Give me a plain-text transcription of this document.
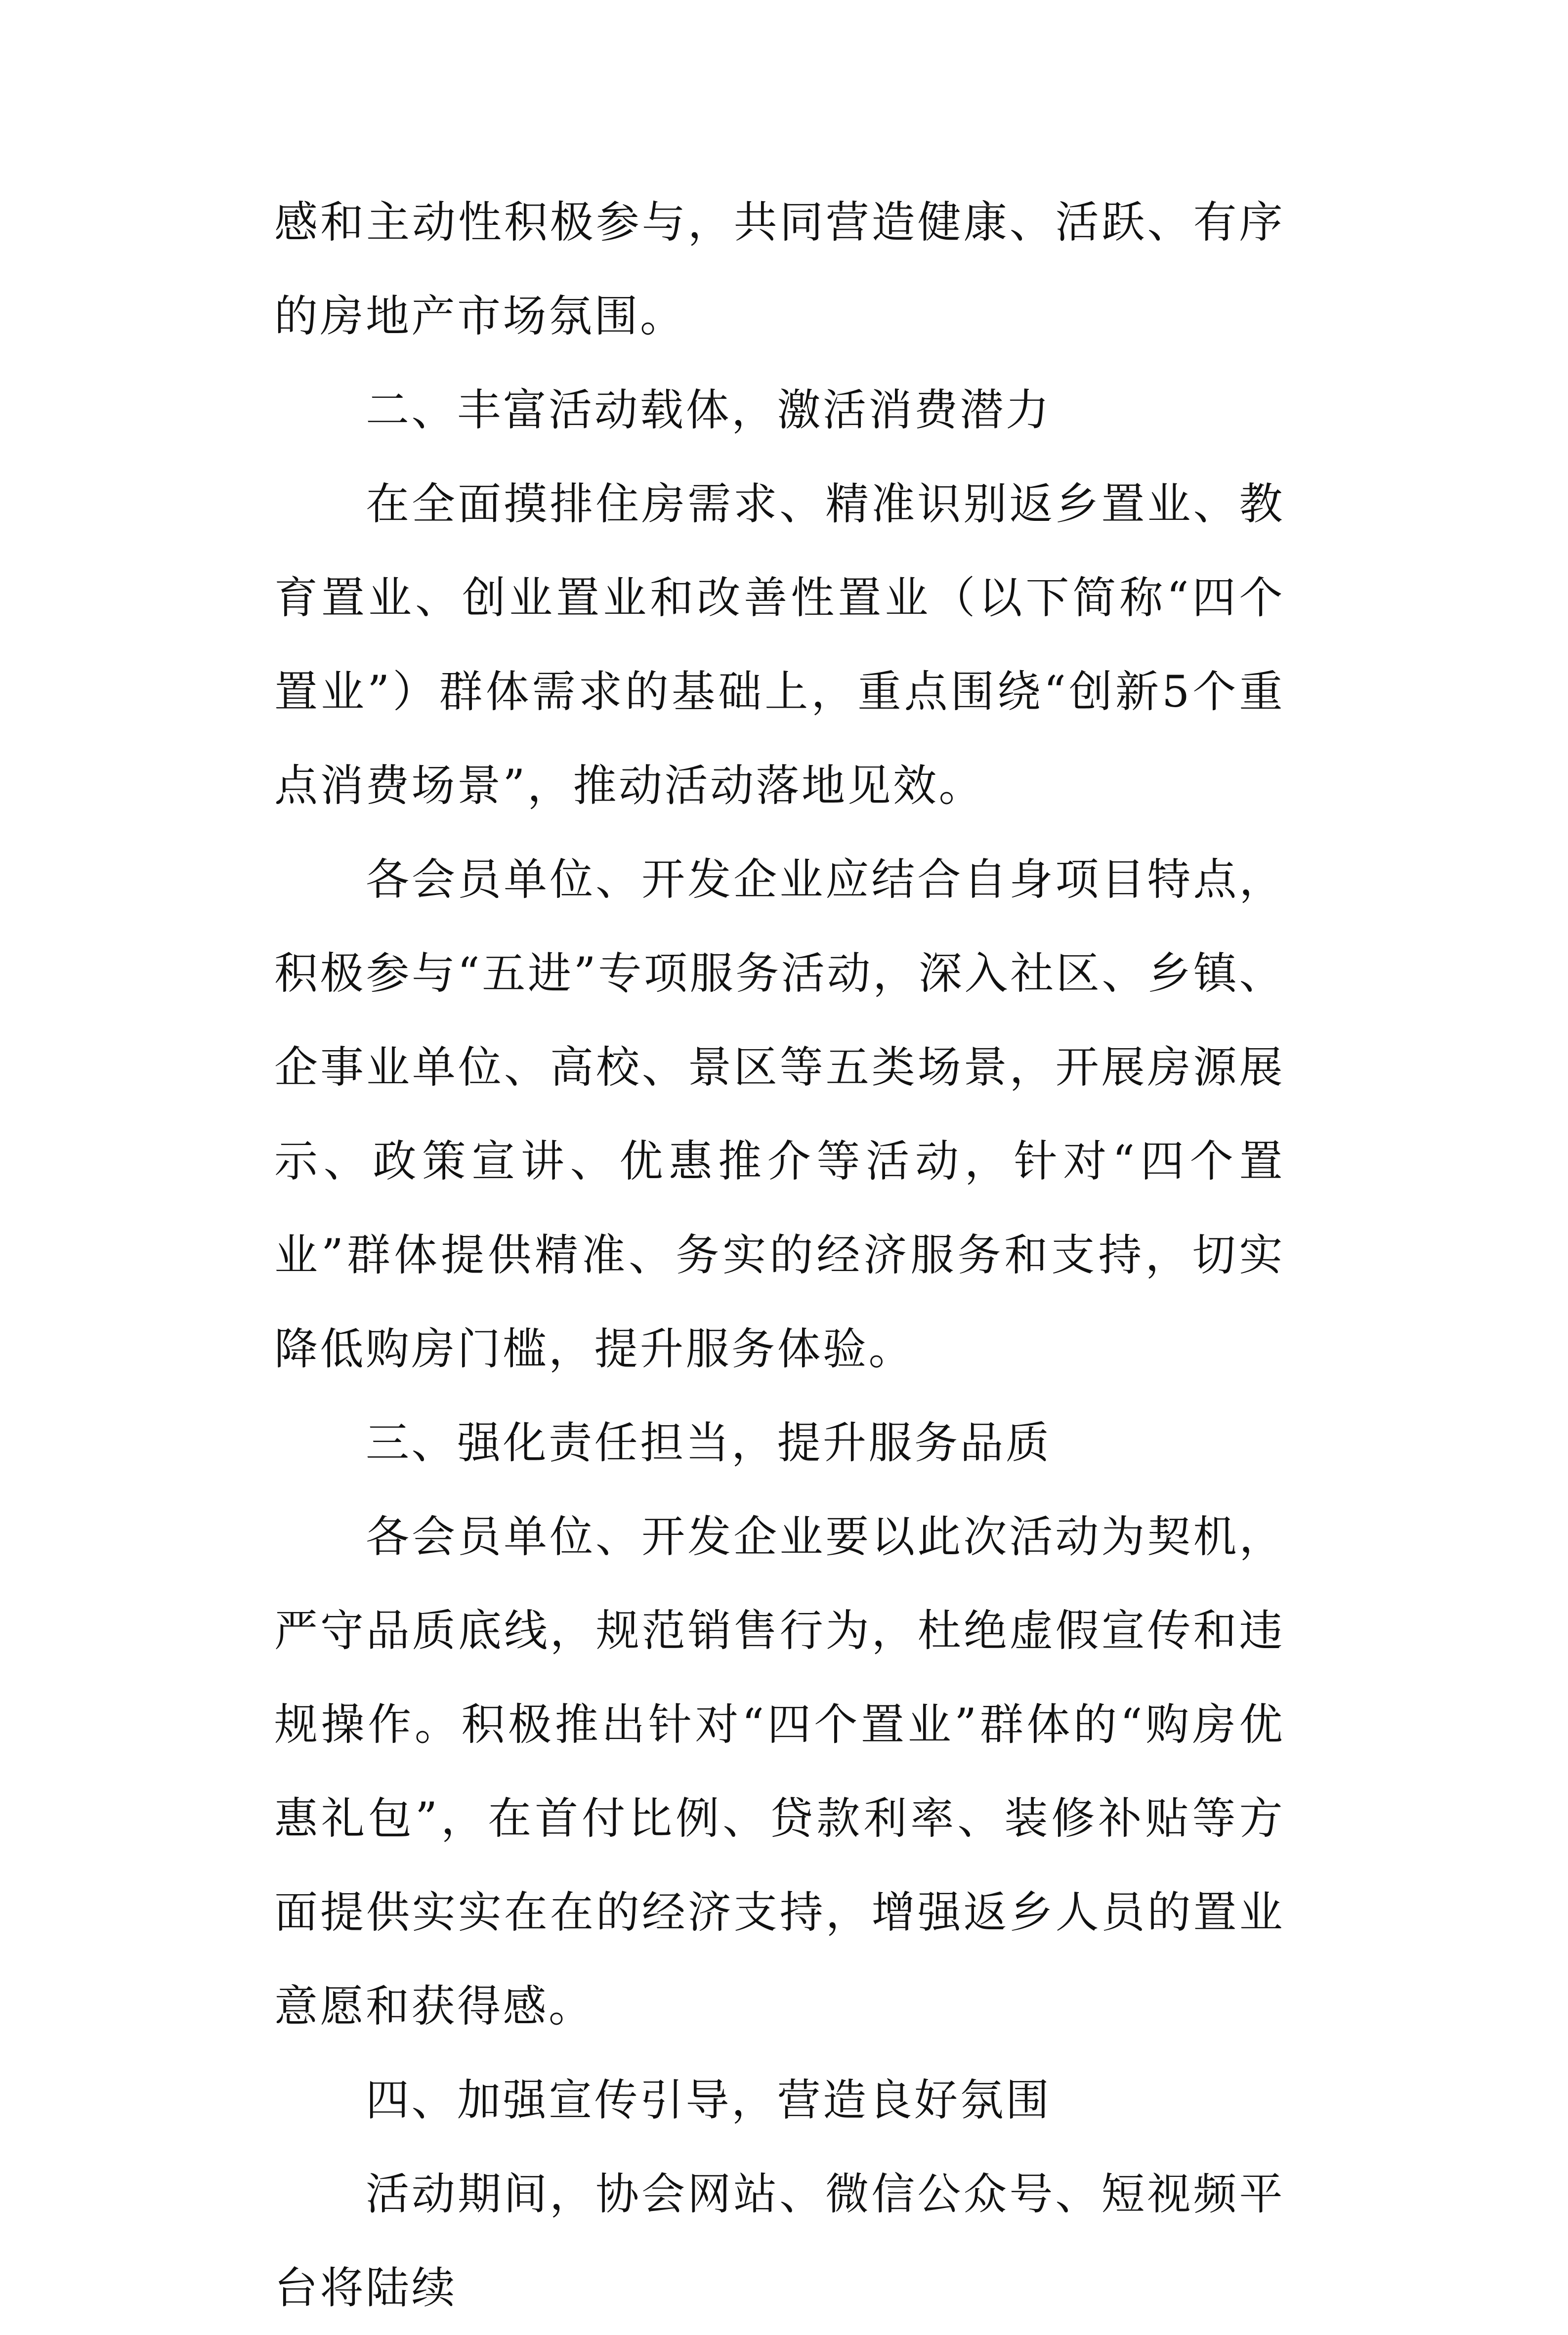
感和主动性积极参与，共同营造健康、活跃、有序的房地产市场氛围。

二、丰富活动载体，激活消费潜力

在全面摸排住房需求、精准识别返乡置业、教育置业、创业置业和改善性置业（以下简称“四个置业”）群体需求的基础上，重点围绕“创新5个重点消费场景”，推动活动落地见效。

各会员单位、开发企业应结合自身项目特点，积极参与“五进”专项服务活动，深入社区、乡镇、企事业单位、高校、景区等五类场景，开展房源展示、政策宣讲、优惠推介等活动，针对“四个置业”群体提供精准、务实的经济服务和支持，切实降低购房门槛，提升服务体验。

三、强化责任担当，提升服务品质

各会员单位、开发企业要以此次活动为契机，严守品质底线，规范销售行为，杜绝虚假宣传和违规操作。积极推出针对“四个置业”群体的“购房优惠礼包”，在首付比例、贷款利率、装修补贴等方面提供实实在在的经济支持，增强返乡人员的置业意愿和获得感。

四、加强宣传引导，营造良好氛围

活动期间，协会网站、微信公众号、短视频平台将陆续
